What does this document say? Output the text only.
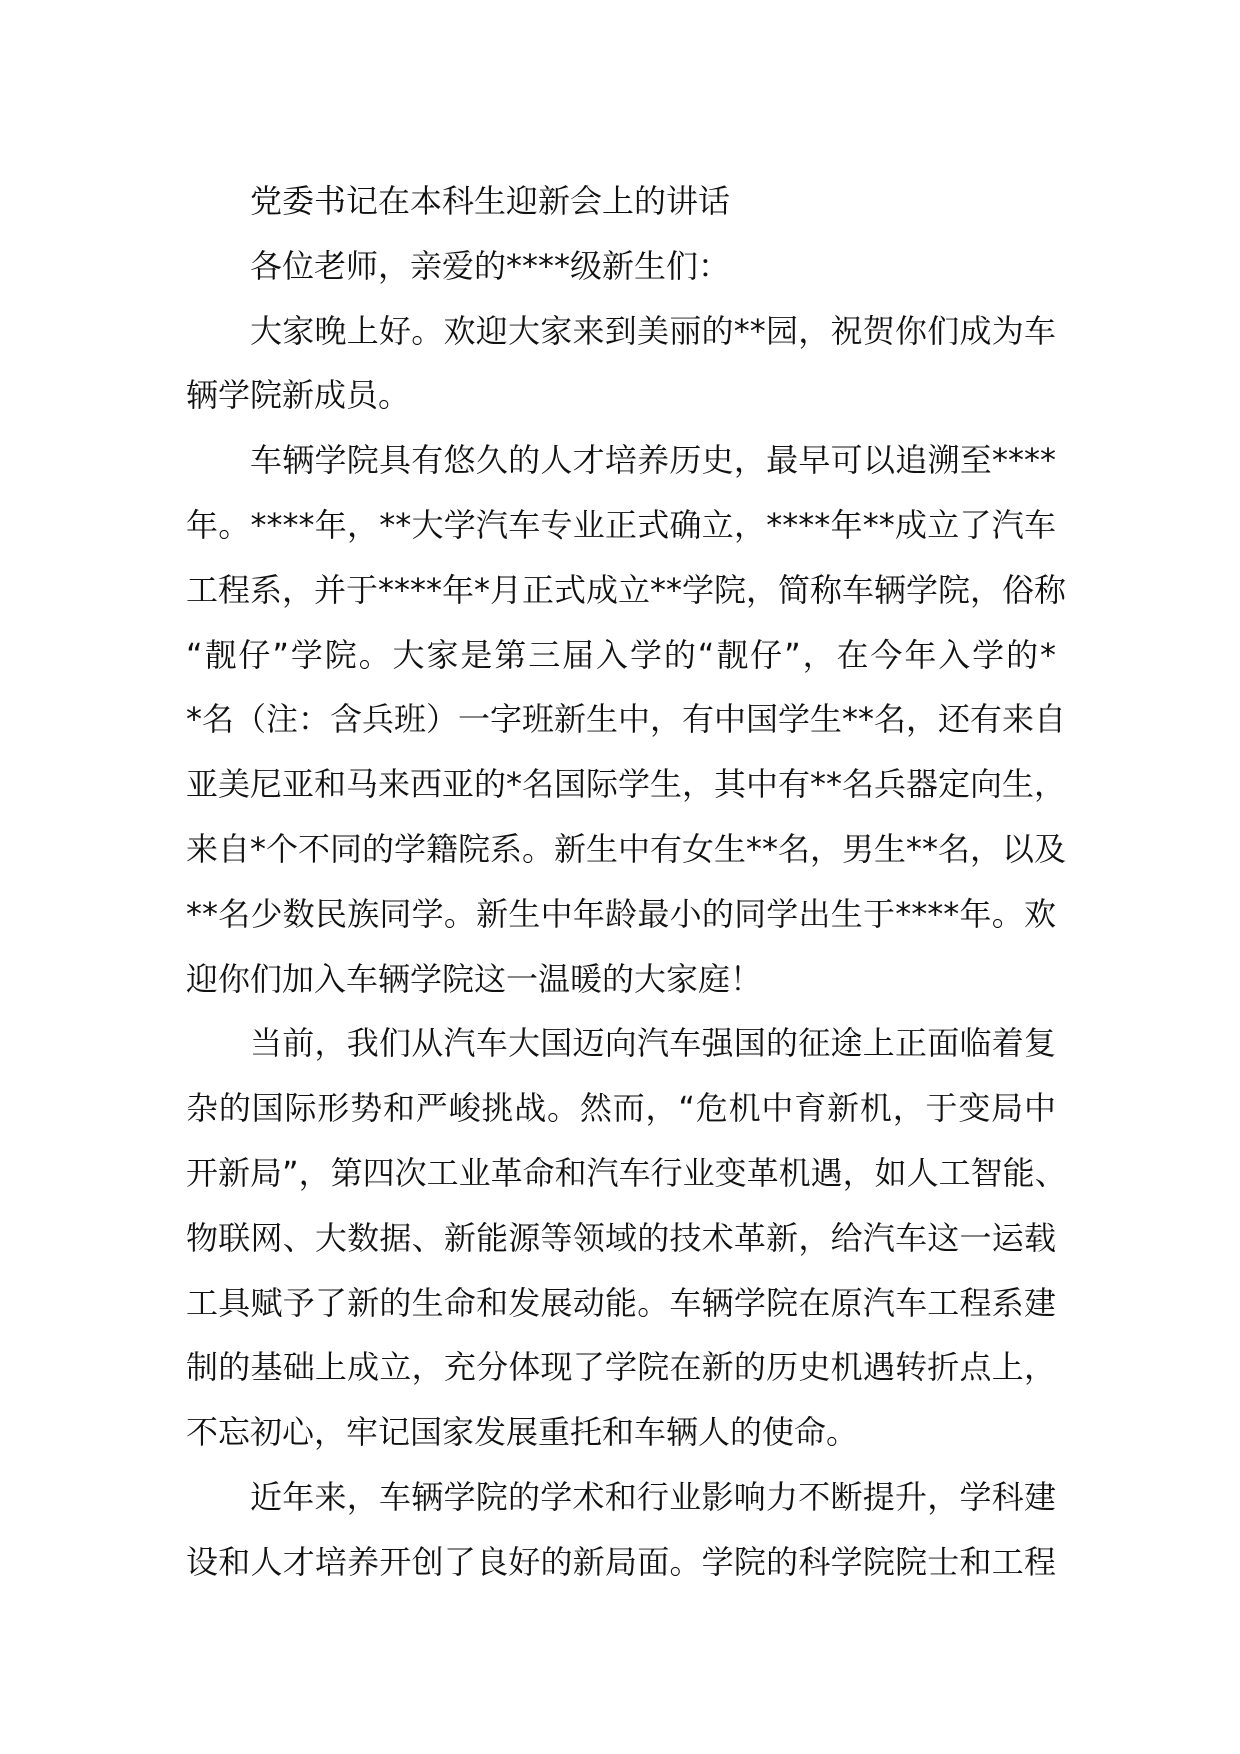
党委书记在本科生迎新会上的讲话
各位老师，亲爱的****级新生们：
大家晚上好。欢迎大家来到美丽的**园，祝贺你们成为车
辆学院新成员。
车辆学院具有悠久的人才培养历史，最早可以追溯至****
年。****年，**大学汽车专业正式确立，****年**成立了汽车
工程系，并于****年*月正式成立**学院，简称车辆学院，俗称
“靓仔”学院。大家是第三届入学的“靓仔”，在今年入学的*
*名（注：含兵班）一字班新生中，有中国学生**名，还有来自
亚美尼亚和马来西亚的*名国际学生，其中有**名兵器定向生，
来自*个不同的学籍院系。新生中有女生**名，男生**名，以及
**名少数民族同学。新生中年龄最小的同学出生于****年。欢
迎你们加入车辆学院这一温暖的大家庭！
当前，我们从汽车大国迈向汽车强国的征途上正面临着复
杂的国际形势和严峻挑战。然而，“危机中育新机，于变局中
开新局”，第四次工业革命和汽车行业变革机遇，如人工智能、
物联网、大数据、新能源等领域的技术革新，给汽车这一运载
工具赋予了新的生命和发展动能。车辆学院在原汽车工程系建
制的基础上成立，充分体现了学院在新的历史机遇转折点上，
不忘初心，牢记国家发展重托和车辆人的使命。
近年来，车辆学院的学术和行业影响力不断提升，学科建
设和人才培养开创了良好的新局面。学院的科学院院士和工程
